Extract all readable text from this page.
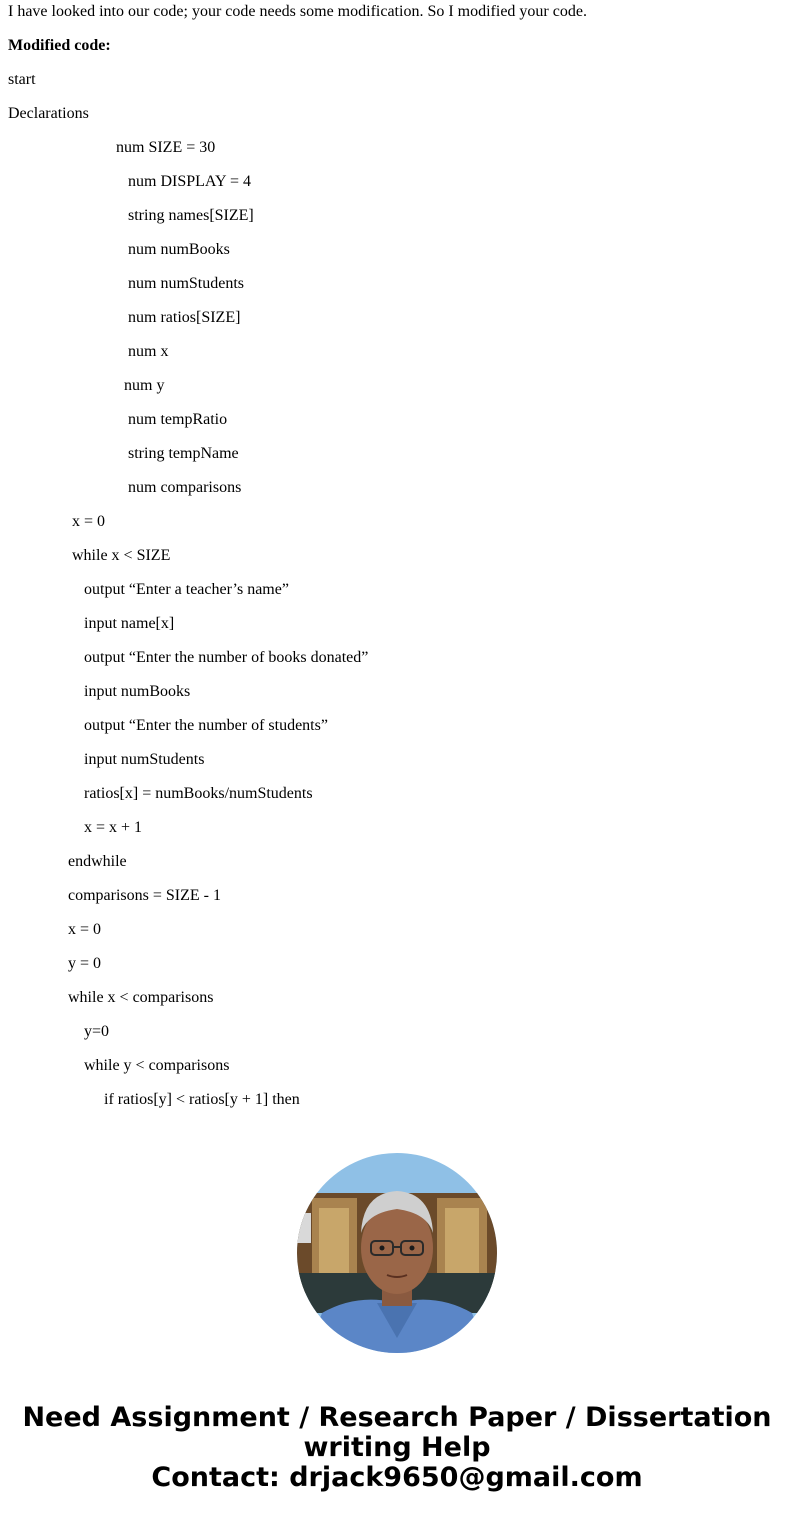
I have looked into our code; your code needs some modification. So I modified your code.

Modified code:

start

Declarations

num SIZE = 30

num DISPLAY = 4

string names[SIZE]

num numBooks

num numStudents

num ratios[SIZE]

num x

num y

num tempRatio

string tempName

num comparisons

x = 0

while x < SIZE

output “Enter a teacher’s name”

input name[x]

output “Enter the number of books donated”

input numBooks

output “Enter the number of students”

input numStudents

ratios[x] = numBooks/numStudents

x = x + 1

endwhile

comparisons = SIZE - 1

x = 0

y = 0

while x < comparisons

y=0

while y < comparisons

if ratios[y] < ratios[y + 1] then

Need Assignment / Research Paper / Dissertation
writing Help
Contact: drjack9650@gmail.com
